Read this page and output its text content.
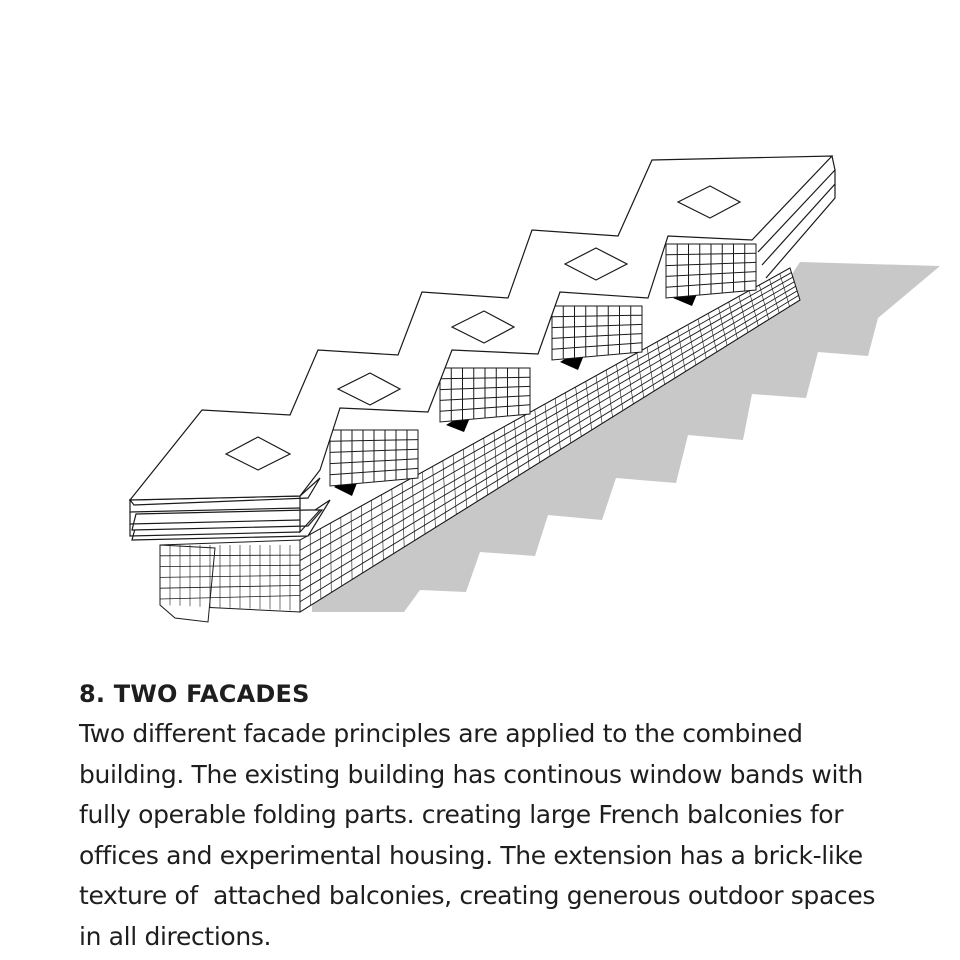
8. TWO FACADES
Two different facade principles are applied to the combined
building. The existing building has continous window bands with
fully operable folding parts. creating large French balconies for
offices and experimental housing. The extension has a brick-like
texture of  attached balconies, creating generous outdoor spaces
in all directions.
